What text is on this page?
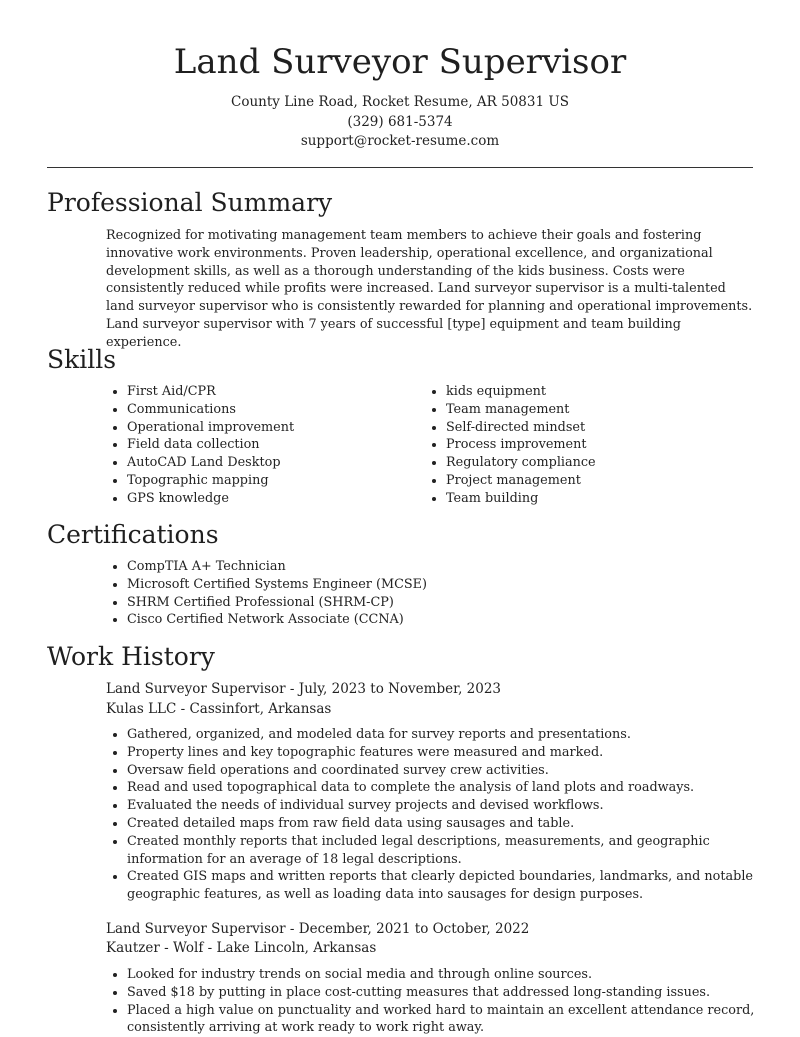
Land Surveyor Supervisor

County Line Road, Rocket Resume, AR 50831 US

(329) 681-5374

support@rocket-resume.com

Professional Summary

Recognized for motivating management team members to achieve their goals and fostering innovative work environments. Proven leadership, operational excellence, and organizational development skills, as well as a thorough understanding of the kids business. Costs were consistently reduced while profits were increased. Land surveyor supervisor is a multi-talented land surveyor supervisor who is consistently rewarded for planning and operational improvements. Land surveyor supervisor with 7 years of successful [type] equipment and team building experience.

Skills
• First Aid/CPR
• Communications
• Operational improvement
• Field data collection
• AutoCAD Land Desktop
• Topographic mapping
• GPS knowledge
• kids equipment
• Team management
• Self-directed mindset
• Process improvement
• Regulatory compliance
• Project management
• Team building
Certifications
• CompTIA A+ Technician
• Microsoft Certified Systems Engineer (MCSE)
• SHRM Certified Professional (SHRM-CP)
• Cisco Certified Network Associate (CCNA)
Work History

Land Surveyor Supervisor - July, 2023 to November, 2023

Kulas LLC - Cassinfort, Arkansas

• Gathered, organized, and modeled data for survey reports and presentations.
• Property lines and key topographic features were measured and marked.
• Oversaw field operations and coordinated survey crew activities.
• Read and used topographical data to complete the analysis of land plots and roadways.
• Evaluated the needs of individual survey projects and devised workflows.
• Created detailed maps from raw field data using sausages and table.
• Created monthly reports that included legal descriptions, measurements, and geographic information for an average of 18 legal descriptions.
• Created GIS maps and written reports that clearly depicted boundaries, landmarks, and notable geographic features, as well as loading data into sausages for design purposes.

Land Surveyor Supervisor - December, 2021 to October, 2022

Kautzer - Wolf - Lake Lincoln, Arkansas

• Looked for industry trends on social media and through online sources.
• Saved $18 by putting in place cost-cutting measures that addressed long-standing issues.
• Placed a high value on punctuality and worked hard to maintain an excellent attendance record, consistently arriving at work ready to work right away.
